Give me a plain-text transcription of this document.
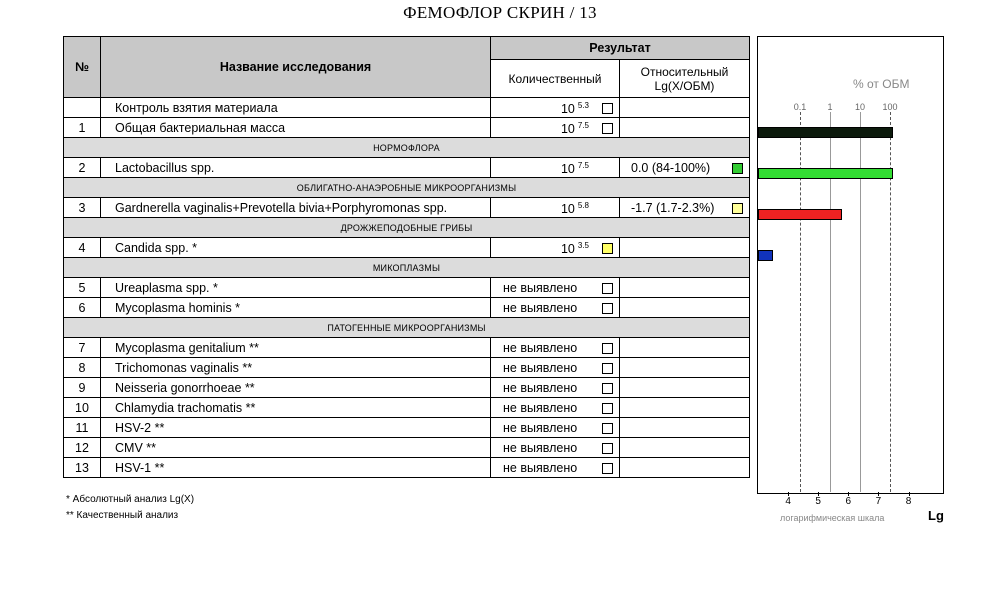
ФЕМОФЛОР СКРИН / 13
№	Название исследования	Результат	
		Количественный	Относительный
Lg(X/ОБМ)
	Контроль взятия материала	10 $^{5.3}$

1	Общая бактериальная масса	10 $^{7.5}$

НОРМОФЛОРА			
2	Lactobacillus spp.	10 $^{7.5}$	0.0 (84-100%)

ОБЛИГАТНО-АНАЭРОБНЫЕ МИКРООРГАНИЗМЫ			
3	Gardnerella vaginalis+Prevotella bivia+Porphyromonas spp.	10 $^{5.8}$	-1.7 (1.7-2.3%)

ДРОЖЖЕПОДОБНЫЕ ГРИБЫ			
4	Candida spp. *	10 $^{3.5}$

МИКОПЛАЗМЫ			
5	Ureaplasma spp. *	не выявлено	

6	Mycoplasma hominis *	не выявлено	

ПАТОГЕННЫЕ МИКРООРГАНИЗМЫ			
7	Mycoplasma genitalium **	не выявлено	

8	Trichomonas vaginalis **	не выявлено	

9	Neisseria gonorrhoeae **	не выявлено	

10	Chlamydia trachomatis **	не выявлено	

11	HSV-2 **	не выявлено	

12	CMV **	не выявлено	

13	HSV-1 **	не выявлено	

* Абсолютный анализ Lg(X)
** Качественный анализ
% от ОБМ
0.1 1 10 100
4 5 6 7 8
логарифмическая шкала	Lg
